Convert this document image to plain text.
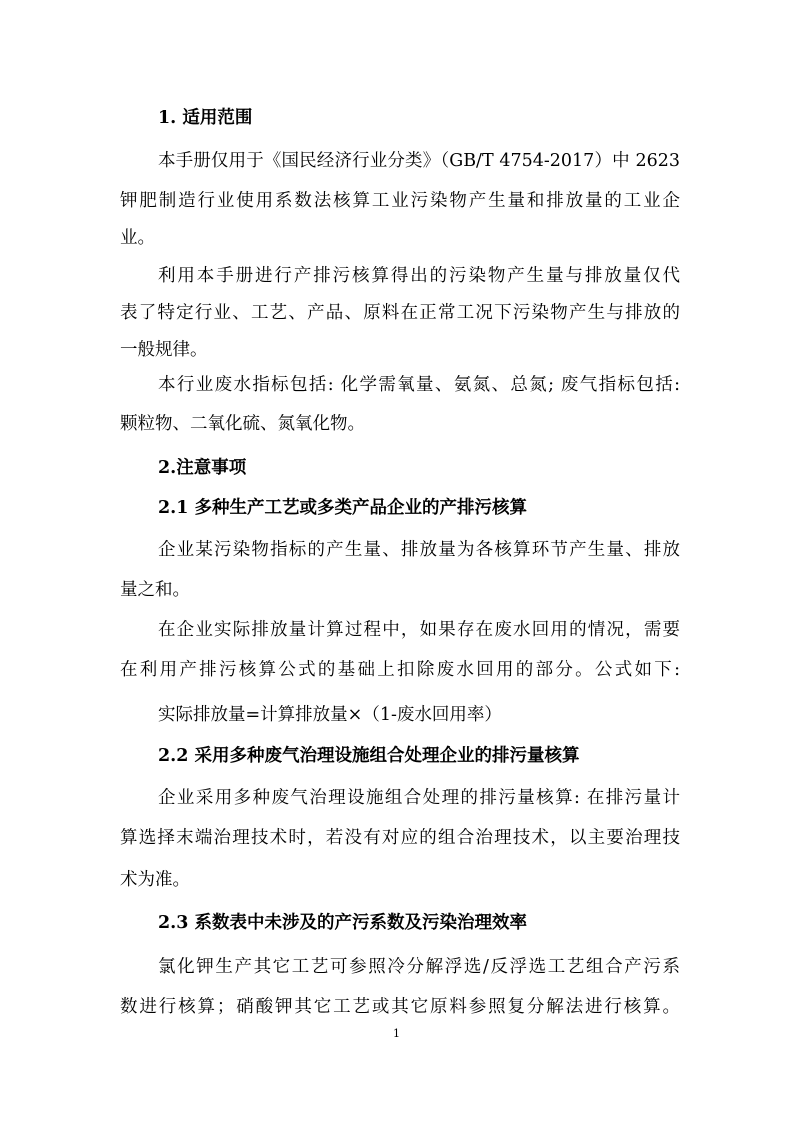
1. 适用范围
本手册仅用于《国民经济行业分类》（GB/T 4754-2017）中 2623
钾肥制造行业使用系数法核算工业污染物产生量和排放量的工业企
业。
利用本手册进行产排污核算得出的污染物产生量与排放量仅代
表了特定行业、工艺、产品、原料在正常工况下污染物产生与排放的
一般规律。
本行业废水指标包括: 化学需氧量、氨氮、总氮; 废气指标包括:
颗粒物、二氧化硫、氮氧化物。
2.注意事项
2.1 多种生产工艺或多类产品企业的产排污核算
企业某污染物指标的产生量、排放量为各核算环节产生量、排放
量之和。
在企业实际排放量计算过程中，如果存在废水回用的情况，需要
在利用产排污核算公式的基础上扣除废水回用的部分。公式如下:
实际排放量=计算排放量×（1-废水回用率）
2.2 采用多种废气治理设施组合处理企业的排污量核算
企业采用多种废气治理设施组合处理的排污量核算: 在排污量计
算选择末端治理技术时，若没有对应的组合治理技术，以主要治理技
术为准。
2.3 系数表中未涉及的产污系数及污染治理效率
氯化钾生产其它工艺可参照冷分解浮选/反浮选工艺组合产污系
数进行核算；硝酸钾其它工艺或其它原料参照复分解法进行核算。
1
